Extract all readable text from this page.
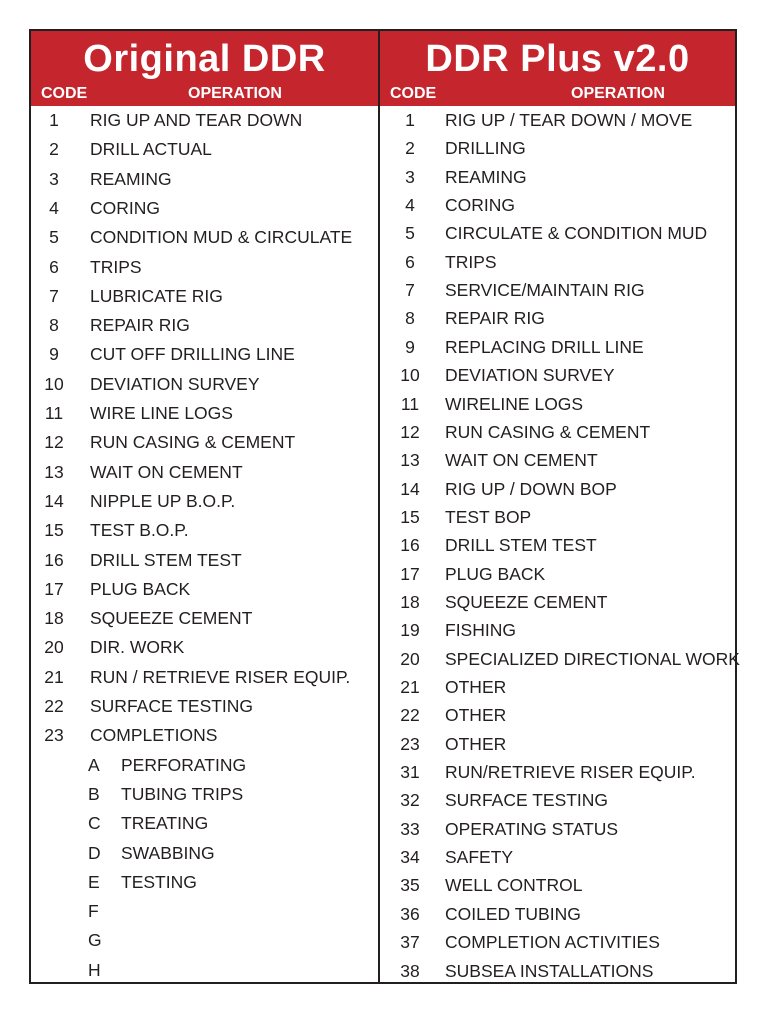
Original DDR
CODE	OPERATION
1	RIG UP AND TEAR DOWN
2	DRILL ACTUAL
3	REAMING
4	CORING
5	CONDITION MUD & CIRCULATE
6	TRIPS
7	LUBRICATE RIG
8	REPAIR RIG
9	CUT OFF DRILLING LINE
10	DEVIATION SURVEY
11	WIRE LINE LOGS
12	RUN CASING & CEMENT
13	WAIT ON CEMENT
14	NIPPLE UP B.O.P.
15	TEST B.O.P.
16	DRILL STEM TEST
17	PLUG BACK
18	SQUEEZE CEMENT
20	DIR. WORK
21	RUN / RETRIEVE RISER EQUIP.
22	SURFACE TESTING
23	COMPLETIONS
A PERFORATING
B TUBING TRIPS
C TREATING
D SWABBING
E TESTING
F
G
H
DDR Plus v2.0
CODE	OPERATION
1	RIG UP / TEAR DOWN / MOVE
2	DRILLING
3	REAMING
4	CORING
5	CIRCULATE & CONDITION MUD
6	TRIPS
7	SERVICE/MAINTAIN RIG
8	REPAIR RIG
9	REPLACING DRILL LINE
10	DEVIATION SURVEY
11	WIRELINE LOGS
12	RUN CASING & CEMENT
13	WAIT ON CEMENT
14	RIG UP / DOWN BOP
15	TEST BOP
16	DRILL STEM TEST
17	PLUG BACK
18	SQUEEZE CEMENT
19	FISHING
20	SPECIALIZED DIRECTIONAL WORK
21	OTHER
22	OTHER
23	OTHER
31	RUN/RETRIEVE RISER EQUIP.
32	SURFACE TESTING
33	OPERATING STATUS
34	SAFETY
35	WELL CONTROL
36	COILED TUBING
37	COMPLETION ACTIVITIES
38	SUBSEA INSTALLATIONS
